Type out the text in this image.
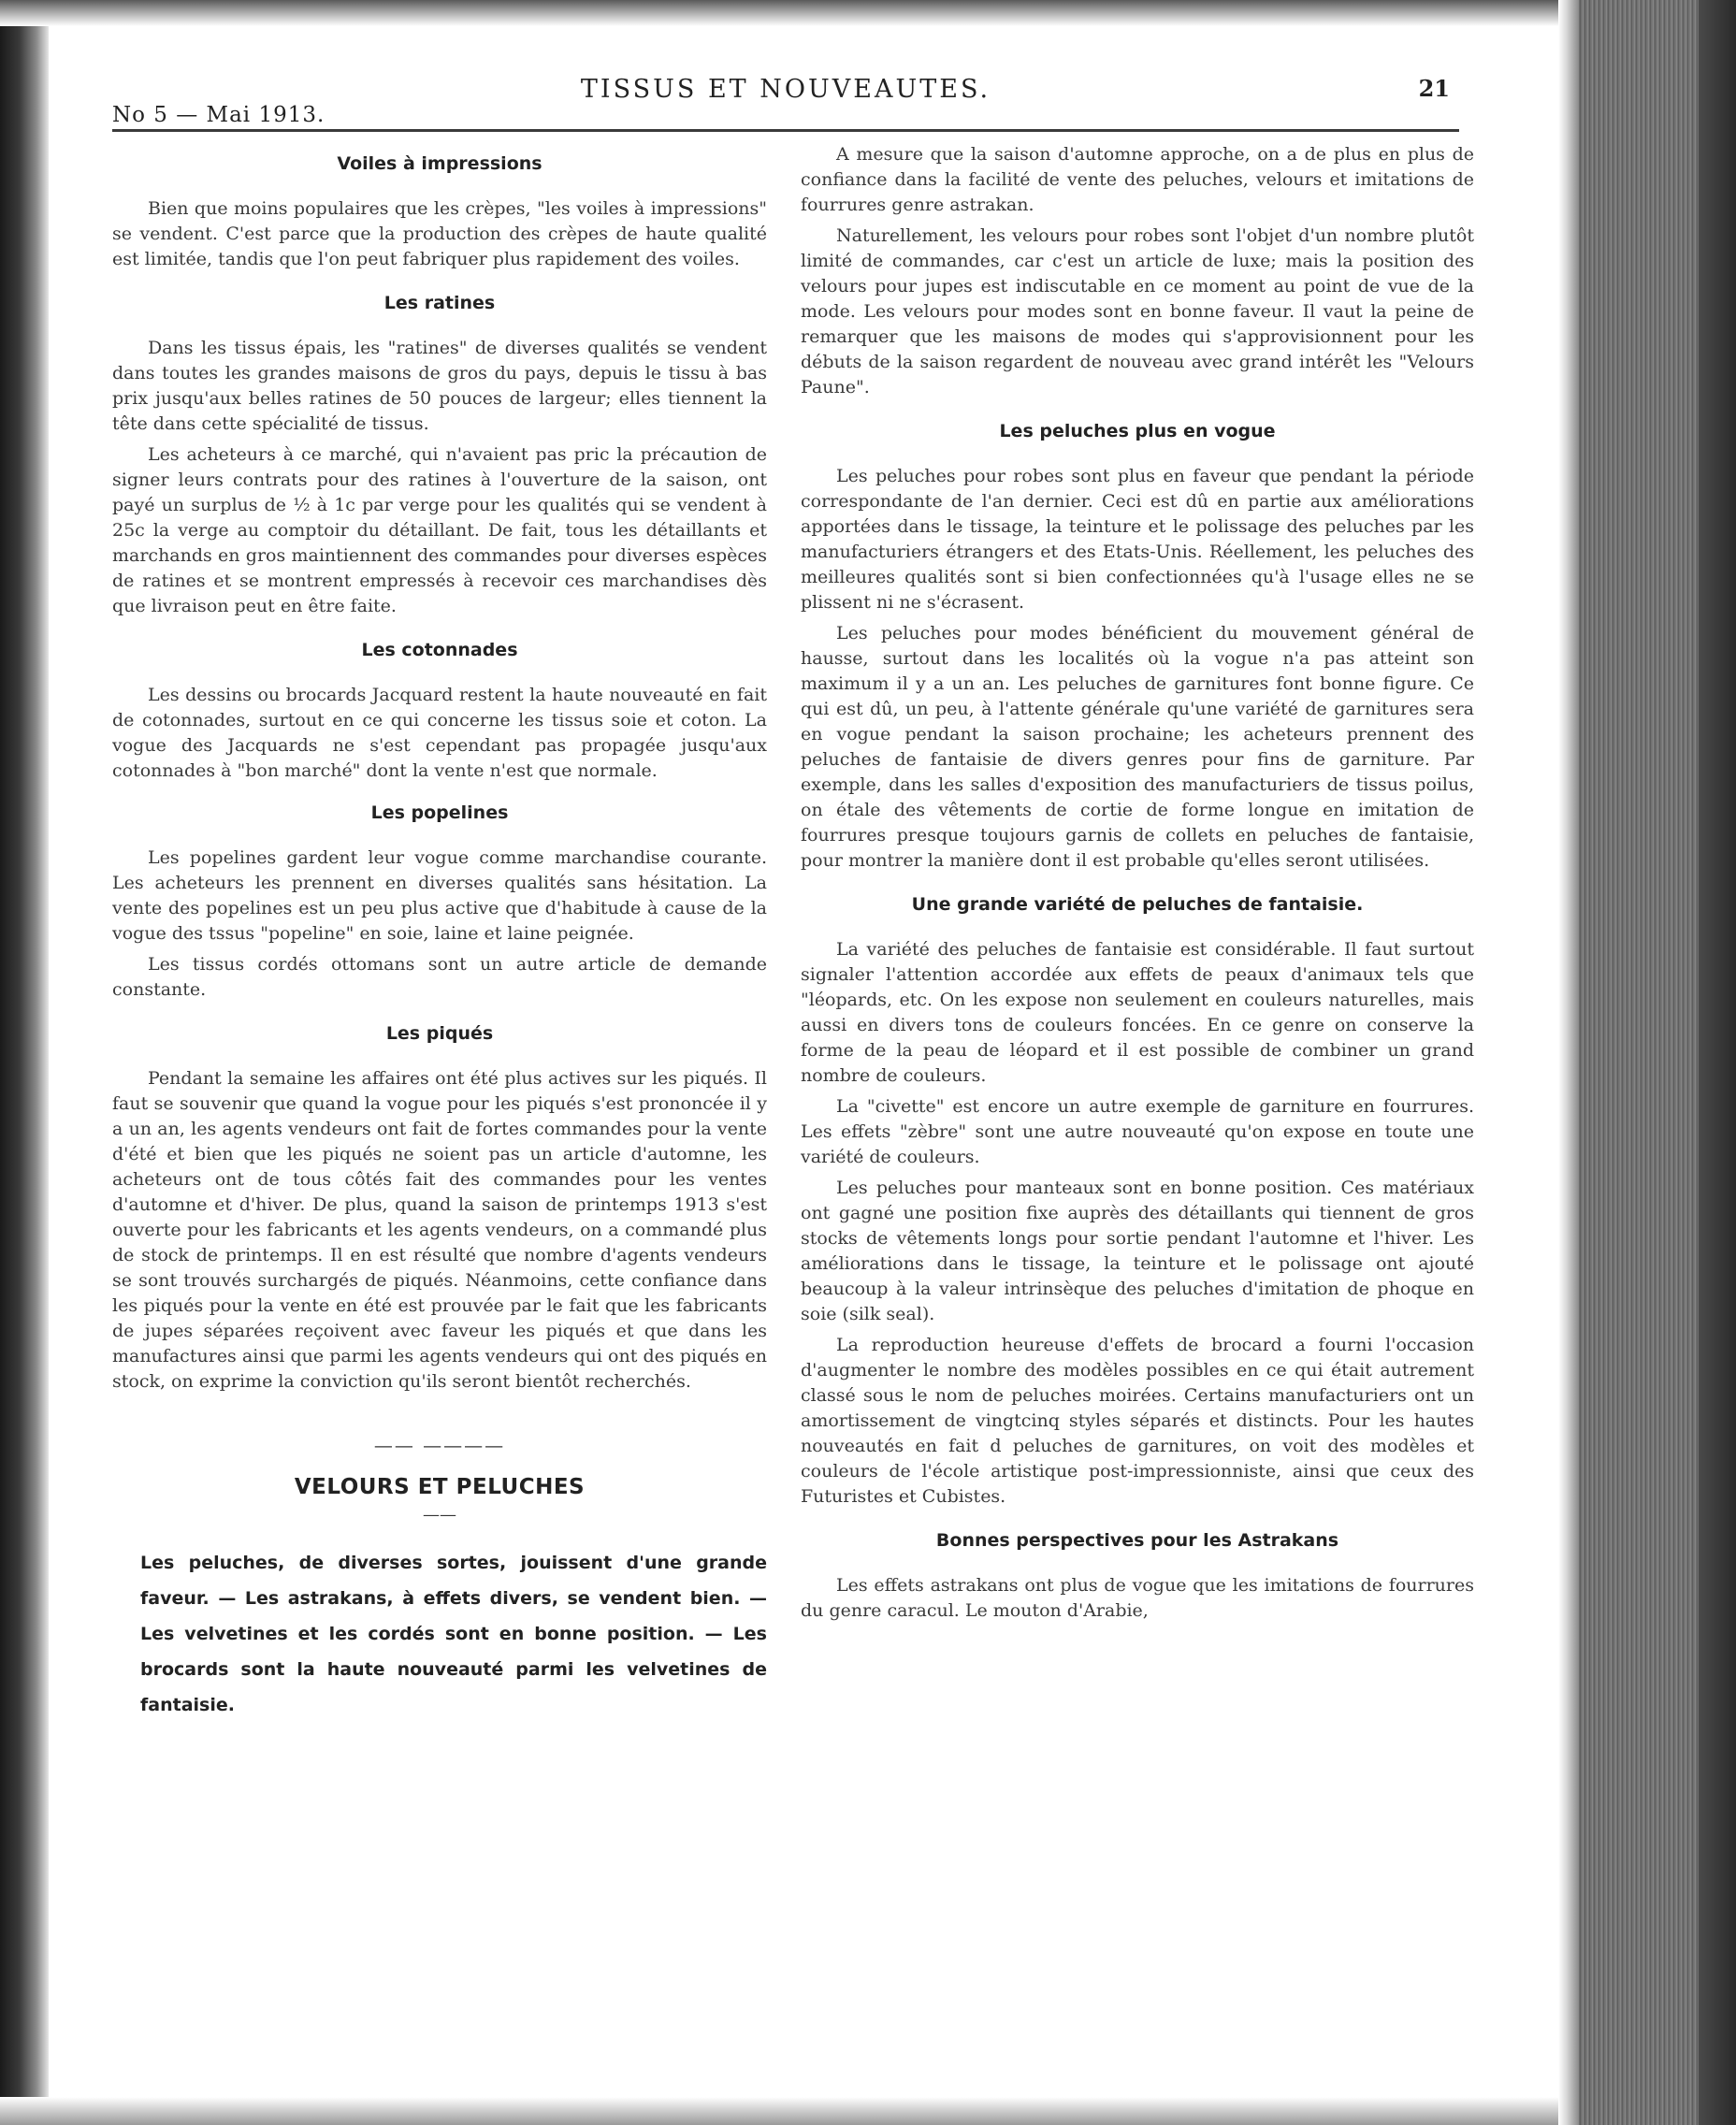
No 5 — Mai 1913.
TISSUS ET NOUVEAUTES.	21
Voiles à impressions

Bien que moins populaires que les crèpes, "les voiles à impressions" se vendent. C'est parce que la production des crèpes de haute qualité est limitée, tandis que l'on peut fabriquer plus rapidement des voiles.

Les ratines

Dans les tissus épais, les "ratines" de diverses qualités se vendent dans toutes les grandes maisons de gros du pays, depuis le tissu à bas prix jusqu'aux belles ratines de 50 pouces de largeur; elles tiennent la tête dans cette spécialité de tissus.

Les acheteurs à ce marché, qui n'avaient pas pric la précaution de signer leurs contrats pour des ratines à l'ouverture de la saison, ont payé un surplus de ½ à 1c par verge pour les qualités qui se vendent à 25c la verge au comptoir du détaillant. De fait, tous les détaillants et marchands en gros maintiennent des commandes pour diverses espèces de ratines et se montrent empressés à recevoir ces marchandises dès que livraison peut en être faite.

Les cotonnades

Les dessins ou brocards Jacquard restent la haute nouveauté en fait de cotonnades, surtout en ce qui concerne les tissus soie et coton. La vogue des Jacquards ne s'est cependant pas propagée jusqu'aux cotonnades à "bon marché" dont la vente n'est que normale.

Les popelines

Les popelines gardent leur vogue comme marchandise courante. Les acheteurs les prennent en diverses qualités sans hésitation. La vente des popelines est un peu plus active que d'habitude à cause de la vogue des tssus "popeline" en soie, laine et laine peignée.

Les tissus cordés ottomans sont un autre article de demande constante.

Les piqués

Pendant la semaine les affaires ont été plus actives sur les piqués. Il faut se souvenir que quand la vogue pour les piqués s'est prononcée il y a un an, les agents vendeurs ont fait de fortes commandes pour la vente d'été et bien que les piqués ne soient pas un article d'automne, les acheteurs ont de tous côtés fait des commandes pour les ventes d'automne et d'hiver. De plus, quand la saison de printemps 1913 s'est ouverte pour les fabricants et les agents vendeurs, on a commandé plus de stock de printemps. Il en est résulté que nombre d'agents vendeurs se sont trouvés surchargés de piqués. Néanmoins, cette confiance dans les piqués pour la vente en été est prouvée par le fait que les fabricants de jupes séparées reçoivent avec faveur les piqués et que dans les manufactures ainsi que parmi les agents vendeurs qui ont des piqués en stock, on exprime la conviction qu'ils seront bientôt recherchés.

—— ————
VELOURS ET PELUCHES
——
Les peluches, de diverses sortes, jouissent d'une grande faveur. — Les astrakans, à effets divers, se vendent bien. — Les velvetines et les cordés sont en bonne position. — Les brocards sont la haute nouveauté parmi les velvetines de fantaisie.

A mesure que la saison d'automne approche, on a de plus en plus de confiance dans la facilité de vente des peluches, velours et imitations de fourrures genre astrakan.

Naturellement, les velours pour robes sont l'objet d'un nombre plutôt limité de commandes, car c'est un article de luxe; mais la position des velours pour jupes est indiscutable en ce moment au point de vue de la mode. Les velours pour modes sont en bonne faveur. Il vaut la peine de remarquer que les maisons de modes qui s'approvisionnent pour les débuts de la saison regardent de nouveau avec grand intérêt les "Velours Paune".

Les peluches plus en vogue

Les peluches pour robes sont plus en faveur que pendant la période correspondante de l'an dernier. Ceci est dû en partie aux améliorations apportées dans le tissage, la teinture et le polissage des peluches par les manufacturiers étrangers et des Etats-Unis. Réellement, les peluches des meilleures qualités sont si bien confectionnées qu'à l'usage elles ne se plissent ni ne s'écrasent.

Les peluches pour modes bénéficient du mouvement général de hausse, surtout dans les localités où la vogue n'a pas atteint son maximum il y a un an. Les peluches de garnitures font bonne figure. Ce qui est dû, un peu, à l'attente générale qu'une variété de garnitures sera en vogue pendant la saison prochaine; les acheteurs prennent des peluches de fantaisie de divers genres pour fins de garniture. Par exemple, dans les salles d'exposition des manufacturiers de tissus poilus, on étale des vêtements de cortie de forme longue en imitation de fourrures presque toujours garnis de collets en peluches de fantaisie, pour montrer la manière dont il est probable qu'elles seront utilisées.

Une grande variété de peluches de fantaisie.

La variété des peluches de fantaisie est considérable. Il faut surtout signaler l'attention accordée aux effets de peaux d'animaux tels que "léopards, etc. On les expose non seulement en couleurs naturelles, mais aussi en divers tons de couleurs foncées. En ce genre on conserve la forme de la peau de léopard et il est possible de combiner un grand nombre de couleurs.

La "civette" est encore un autre exemple de garniture en fourrures. Les effets "zèbre" sont une autre nouveauté qu'on expose en toute une variété de couleurs.

Les peluches pour manteaux sont en bonne position. Ces matériaux ont gagné une position fixe auprès des détaillants qui tiennent de gros stocks de vêtements longs pour sortie pendant l'automne et l'hiver. Les améliorations dans le tissage, la teinture et le polissage ont ajouté beaucoup à la valeur intrinsèque des peluches d'imitation de phoque en soie (silk seal).

La reproduction heureuse d'effets de brocard a fourni l'occasion d'augmenter le nombre des modèles possibles en ce qui était autrement classé sous le nom de peluches moirées. Certains manufacturiers ont un amortissement de vingtcinq styles séparés et distincts. Pour les hautes nouveautés en fait d peluches de garnitures, on voit des modèles et couleurs de l'école artistique post-impressionniste, ainsi que ceux des Futuristes et Cubistes.

Bonnes perspectives pour les Astrakans

Les effets astrakans ont plus de vogue que les imitations de fourrures du genre caracul. Le mouton d'Arabie,
